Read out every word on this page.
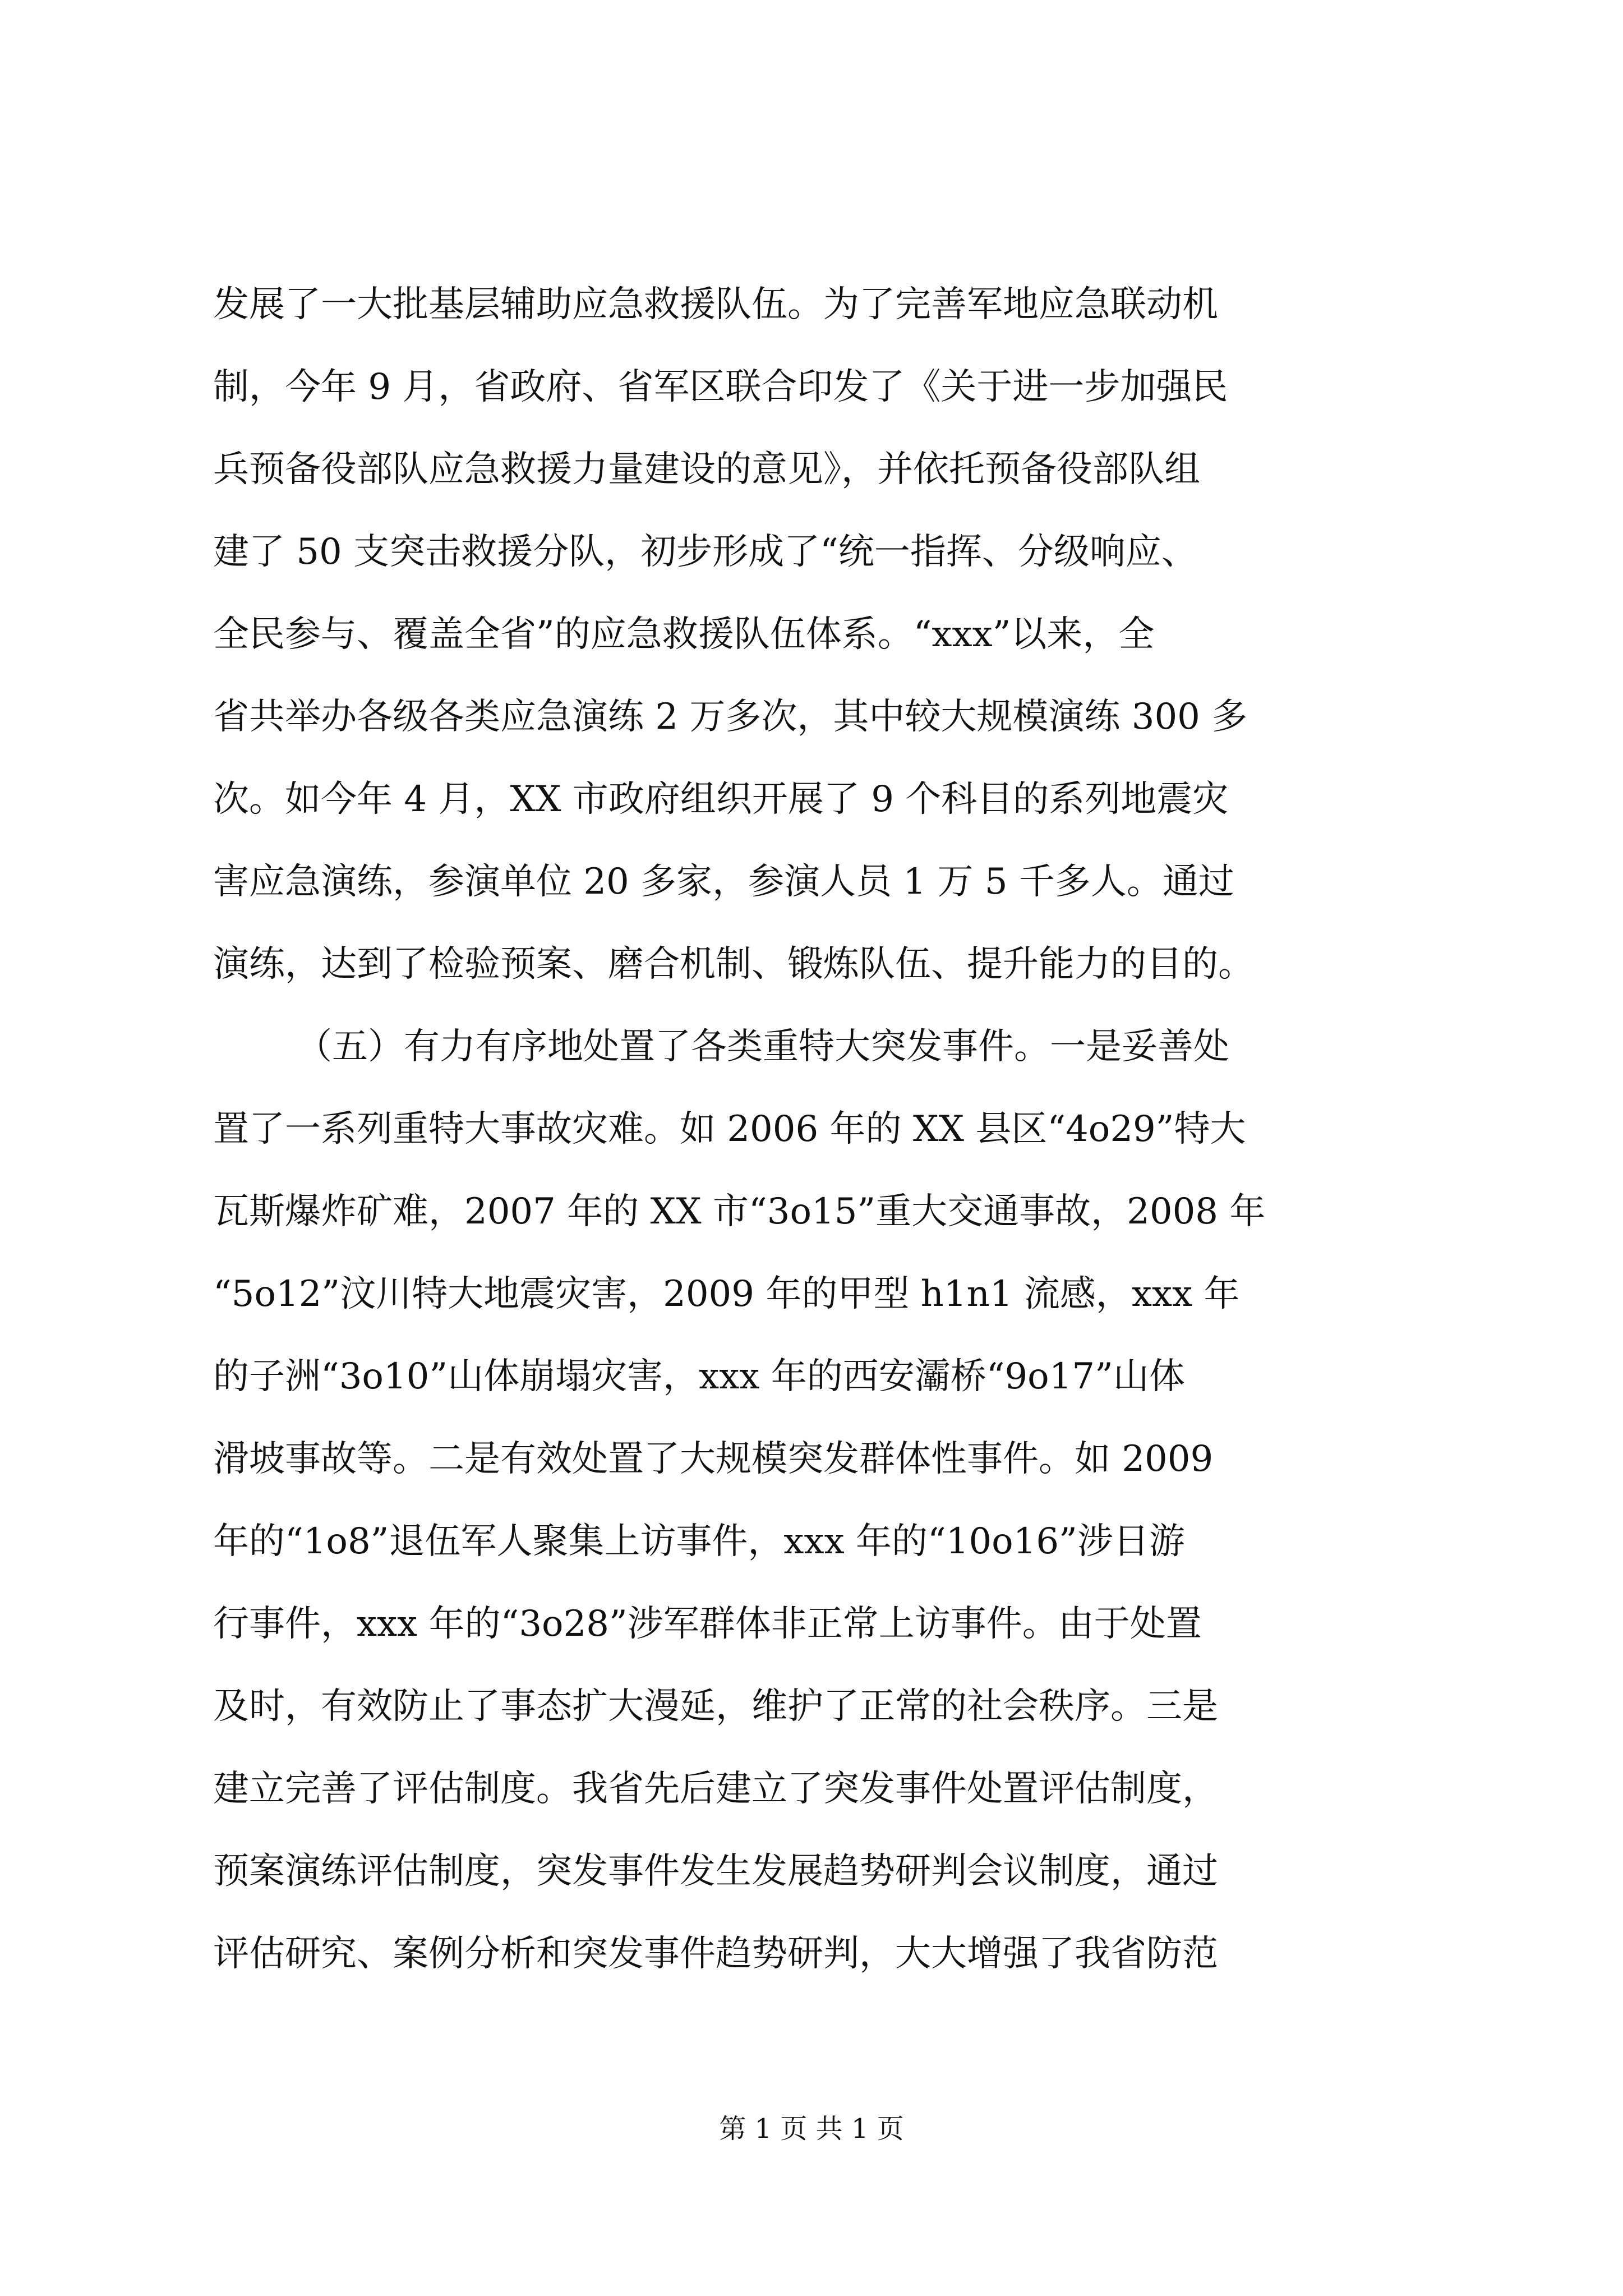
发展了一大批基层辅助应急救援队伍。为了完善军地应急联动机
制，今年 9 月，省政府、省军区联合印发了《关于进一步加强民
兵预备役部队应急救援力量建设的意见》，并依托预备役部队组
建了 50 支突击救援分队，初步形成了“统一指挥、分级响应、
全民参与、覆盖全省”的应急救援队伍体系。“xxx”以来，全
省共举办各级各类应急演练 2 万多次，其中较大规模演练 300 多
次。如今年 4 月，XX 市政府组织开展了 9 个科目的系列地震灾
害应急演练，参演单位 20 多家，参演人员 1 万 5 千多人。通过
演练，达到了检验预案、磨合机制、锻炼队伍、提升能力的目的。
（五）有力有序地处置了各类重特大突发事件。一是妥善处
置了一系列重特大事故灾难。如 2006 年的 XX 县区“4o29”特大
瓦斯爆炸矿难，2007 年的 XX 市“3o15”重大交通事故，2008 年
“5o12”汶川特大地震灾害，2009 年的甲型 h1n1 流感，xxx 年
的子洲“3o10”山体崩塌灾害，xxx 年的西安灞桥“9o17”山体
滑坡事故等。二是有效处置了大规模突发群体性事件。如 2009
年的“1o8”退伍军人聚集上访事件，xxx 年的“10o16”涉日游
行事件，xxx 年的“3o28”涉军群体非正常上访事件。由于处置
及时，有效防止了事态扩大漫延，维护了正常的社会秩序。三是
建立完善了评估制度。我省先后建立了突发事件处置评估制度，
预案演练评估制度，突发事件发生发展趋势研判会议制度，通过
评估研究、案例分析和突发事件趋势研判，大大增强了我省防范
第 1 页 共 1 页
